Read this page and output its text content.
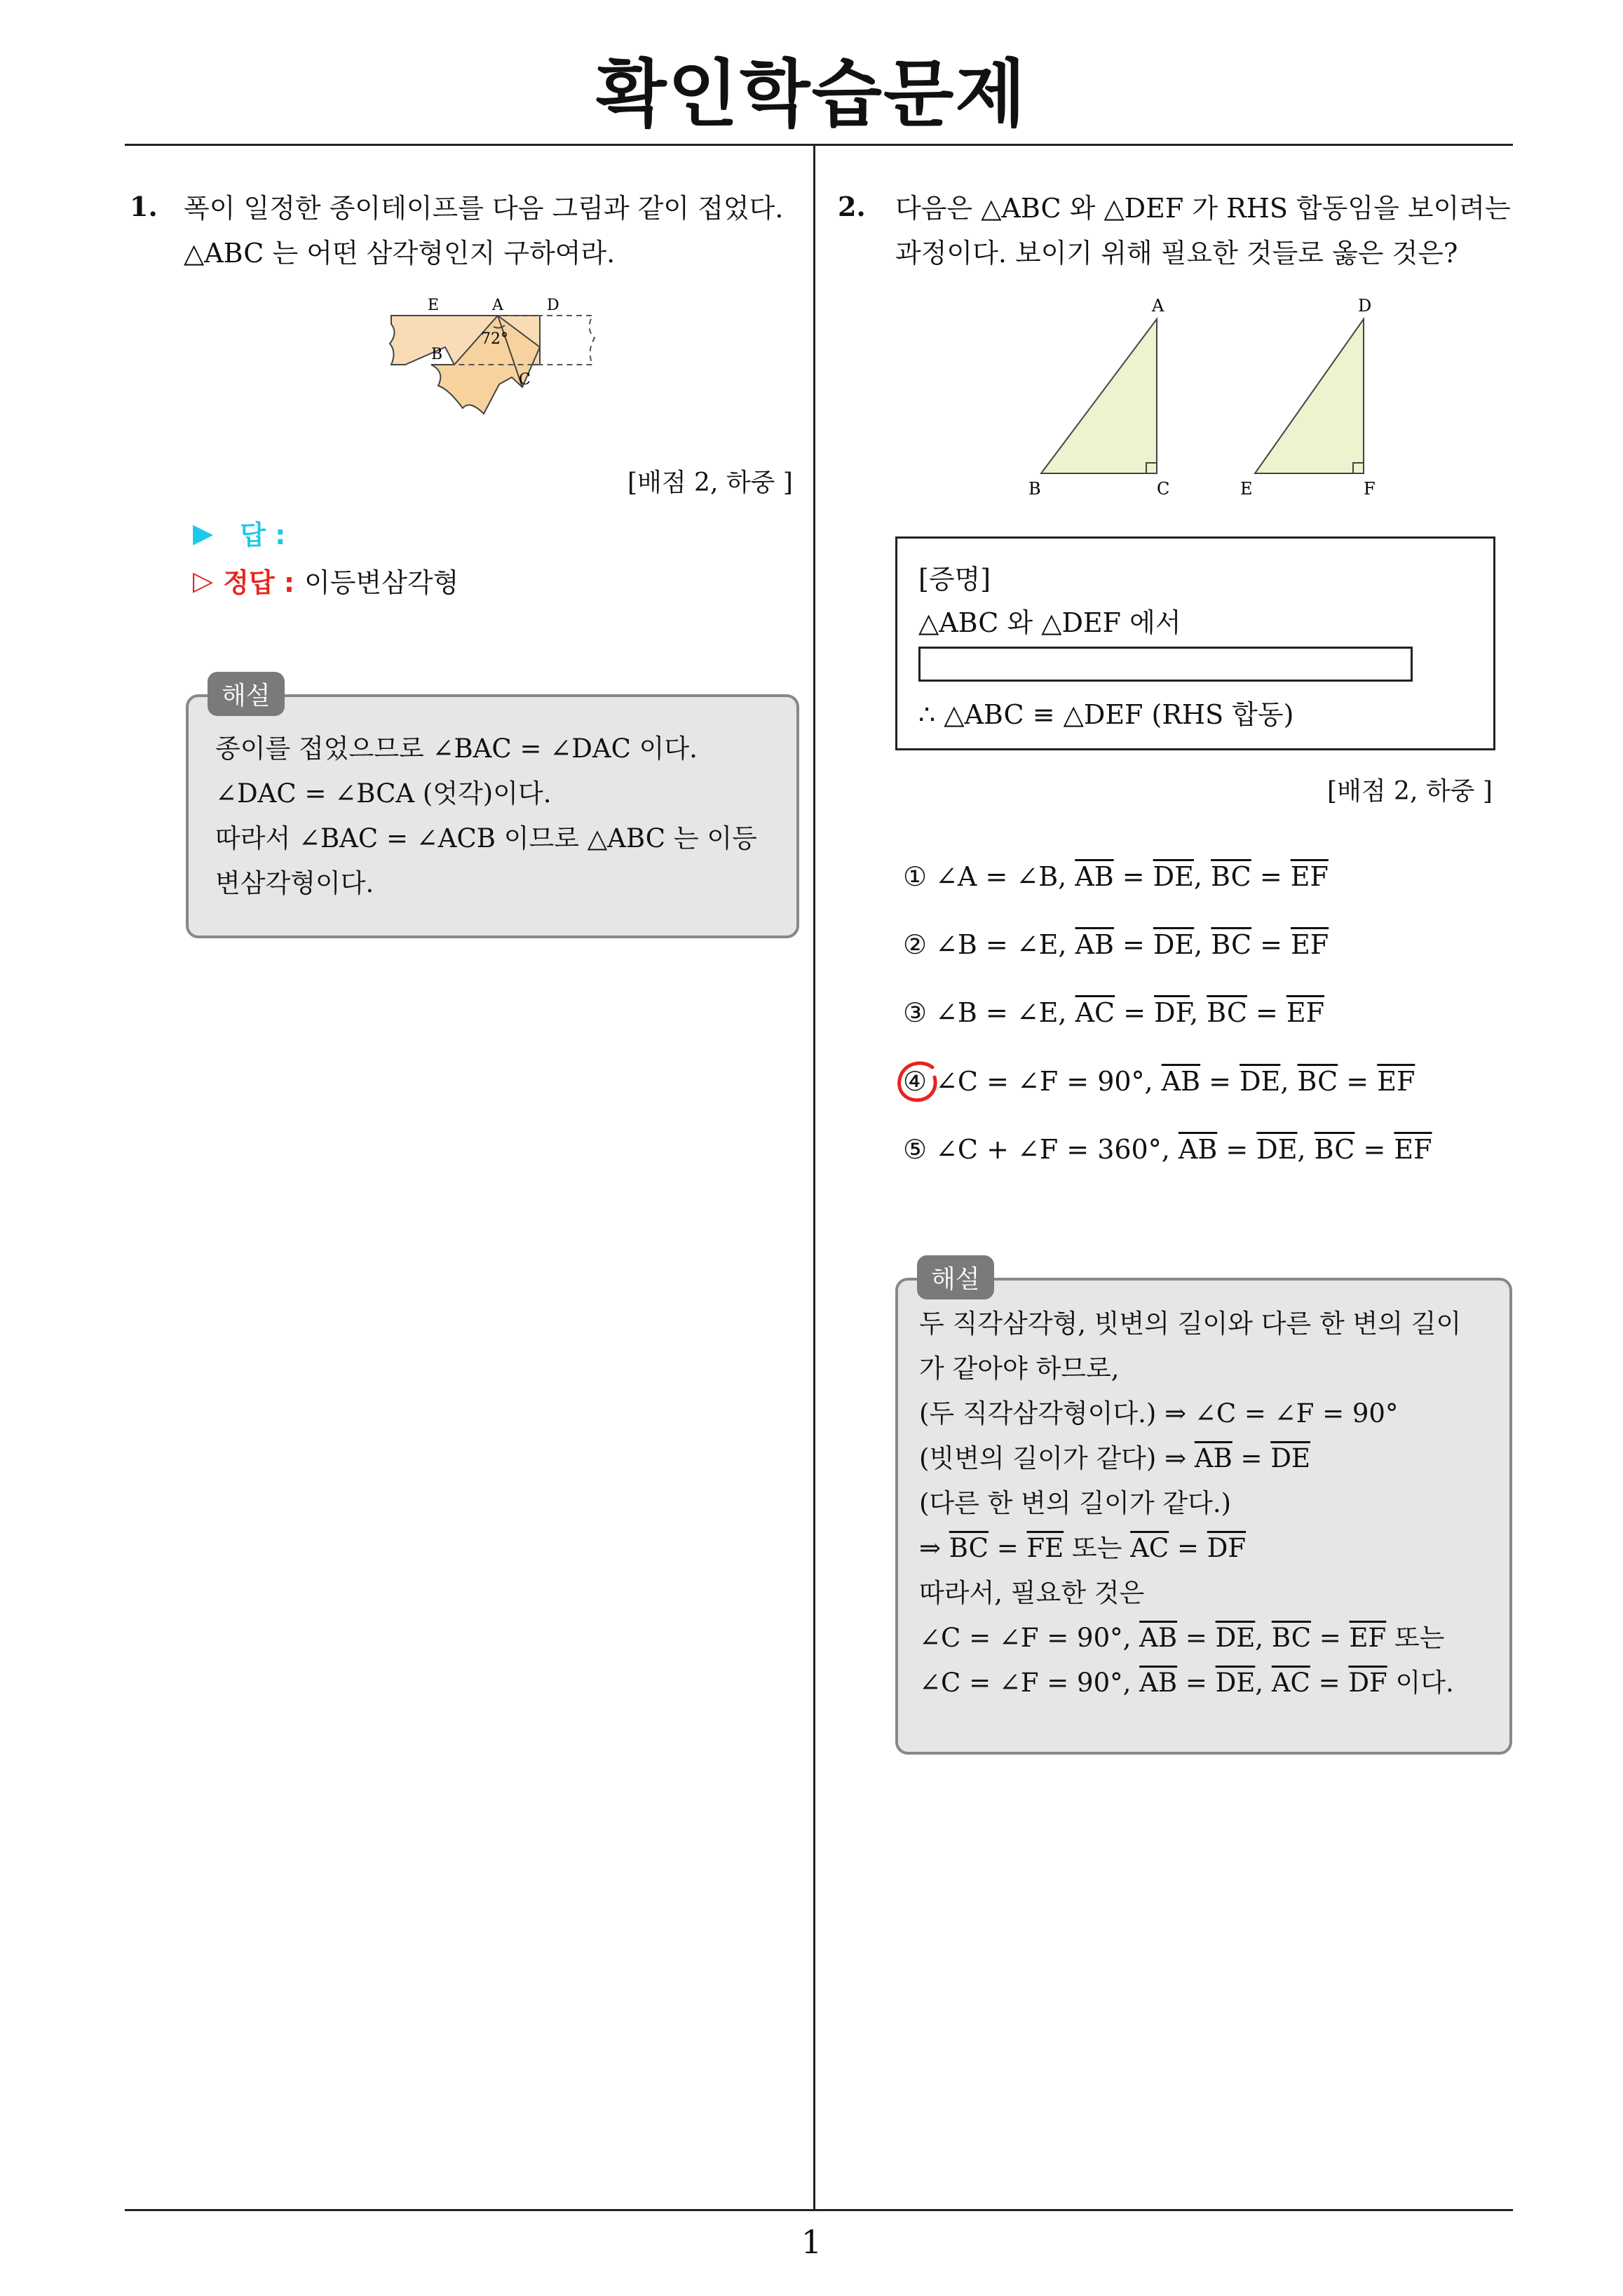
확인학습문제
1
1. 폭이 일정한 종이테이프를 다음 그림과 같이 접었다.
△ABC 는 어떤 삼각형인지 구하여라.
E	A	D
B
C
72°
[배점 2, 하중 ]
▶ 답 :
▷ 정답 : 이등변삼각형
종이를 접었으므로 ∠BAC = ∠DAC 이다.
∠DAC = ∠BCA (엇각)이다.
따라서 ∠BAC = ∠ACB 이므로 △ABC 는 이등
변삼각형이다.
해설
2. 다음은 △ABC 와 △DEF 가 RHS 합동임을 보이려는
과정이다. 보이기 위해 필요한 것들로 옳은 것은?
A
B	C
D
E	F
[증명]
△ABC 와 △DEF 에서
∴ △ABC ≡ △DEF (RHS 합동)
[배점 2, 하중 ]
① ∠A = ∠B, $\overline{AB} = \overline{DE}$, $\overline{BC} = \overline{EF}$
② ∠B = ∠E, $\overline{AB} = \overline{DE}$, $\overline{BC} = \overline{EF}$
③ ∠B = ∠E, $\overline{AC} = \overline{DF}$, $\overline{BC} = \overline{EF}$
④ ∠C = ∠F = 90°, $\overline{AB} = \overline{DE}$, $\overline{BC} = \overline{EF}$
⑤ ∠C + ∠F = 360°, $\overline{AB} = \overline{DE}$, $\overline{BC} = \overline{EF}$
두 직각삼각형, 빗변의 길이와 다른 한 변의 길이
가 같아야 하므로,
(두 직각삼각형이다.) ⇒ ∠C = ∠F = 90°
(빗변의 길이가 같다) ⇒ $\overline{AB} = \overline{DE}$
(다른 한 변의 길이가 같다.)
⇒ $\overline{BC} = \overline{FE}$ 또는 $\overline{AC} = \overline{DF}$
따라서, 필요한 것은
∠C = ∠F = 90°, $\overline{AB} = \overline{DE}$, $\overline{BC} = \overline{EF}$ 또는
∠C = ∠F = 90°, $\overline{AB} = \overline{DE}$, $\overline{AC} = \overline{DF}$ 이다.
해설
